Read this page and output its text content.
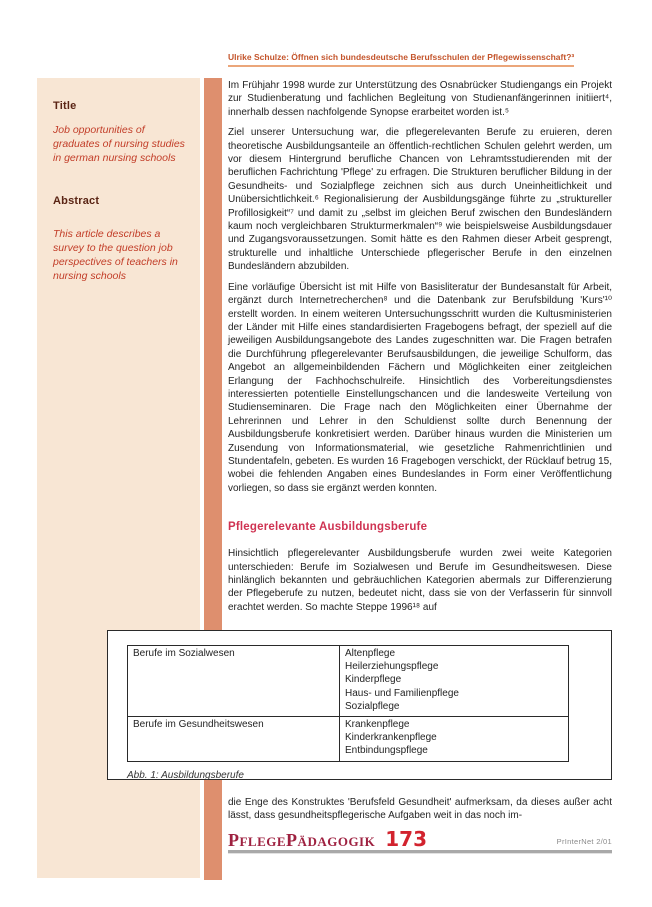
Title

Job opportunities of graduates of nursing studies in german nursing schools

Abstract

This article describes a survey to the question job perspectives of teachers in nursing schools

Ulrike Schulze: Öffnen sich bundesdeutsche Berufsschulen der Pflegewissenschaft?³

Im Frühjahr 1998 wurde zur Unterstützung des Osnabrücker Studiengangs ein Projekt zur Studienberatung und fachlichen Begleitung von Studienanfängerinnen initiiert⁴, innerhalb dessen nachfolgende Synopse erarbeitet worden ist.⁵

Ziel unserer Untersuchung war, die pflegerelevanten Berufe zu eruieren, deren theoretische Ausbildungsanteile an öffentlich-rechtlichen Schulen gelehrt werden, um vor diesem Hintergrund berufliche Chancen von Lehramtsstudierenden mit der beruflichen Fachrichtung 'Pflege' zu erfragen. Die Strukturen beruflicher Bildung in der Gesundheits- und Sozialpflege zeichnen sich aus durch Uneinheitlichkeit und Unübersichtlichkeit.⁶ Regionalisierung der Ausbildungsgänge führte zu „struktureller Profillosigkeit“⁷ und damit zu „selbst im gleichen Beruf zwischen den Bundesländern kaum noch vergleichbaren Strukturmerkmalen“⁹ wie beispielsweise Ausbildungsdauer und Zugangsvoraussetzungen. Somit hätte es den Rahmen dieser Arbeit gesprengt, strukturelle und inhaltliche Unterschiede pflegerischer Berufe in den einzelnen Bundesländern abzubilden.

Eine vorläufige Übersicht ist mit Hilfe von Basisliteratur der Bundesanstalt für Arbeit, ergänzt durch Internetrecherchen⁸ und die Datenbank zur Berufsbildung 'Kurs'¹⁰ erstellt worden. In einem weiteren Untersuchungsschritt wurden die Kultusministerien der Länder mit Hilfe eines standardisierten Fragebogens befragt, der speziell auf die jeweiligen Ausbildungsangebote des Landes zugeschnitten war. Die Fragen betrafen die Durchführung pflegerelevanter Berufsausbildungen, die jeweilige Schulform, das Angebot an allgemeinbildenden Fächern und Möglichkeiten einer zeitgleichen Erlangung der Fachhochschulreife. Hinsichtlich des Vorbereitungsdienstes interessierten potentielle Einstellungschancen und die landesweite Verteilung von Studienseminaren. Die Frage nach den Möglichkeiten einer Übernahme der Lehrerinnen und Lehrer in den Schuldienst sollte durch Benennung der Ausbildungsberufe konkretisiert werden. Darüber hinaus wurden die Ministerien um Zusendung von Informationsmaterial, wie gesetzliche Rahmenrichtlinien und Stundentafeln, gebeten. Es wurden 16 Fragebogen verschickt, der Rücklauf betrug 15, wobei die fehlenden Angaben eines Bundeslandes in Form einer Veröffentlichung vorliegen, so dass sie ergänzt werden konnten.

Pflegerelevante Ausbildungsberufe

Hinsichtlich pflegerelevanter Ausbildungsberufe wurden zwei weite Kategorien unterschieden: Berufe im Sozialwesen und Berufe im Gesundheitswesen. Diese hinlänglich bekannten und gebräuchlichen Kategorien abermals zur Differenzierung der Pflegeberufe zu nutzen, bedeutet nicht, dass sie von der Verfasserin für sinnvoll erachtet werden. So machte Steppe 1996¹⁸ auf

Berufe im Sozialwesen	Altenpflege
Heilerziehungspflege
Kinderpflege
Haus- und Familienpflege
Sozialpflege
Berufe im Gesundheitswesen	Krankenpflege
Kinderkrankenpflege
Entbindungspflege
Abb. 1: Ausbildungsberufe

die Enge des Konstruktes 'Berufsfeld Gesundheit' aufmerksam, da dieses außer acht lässt, dass gesundheitspflegerische Aufgaben weit in das noch im-

PflegePädagogik 173	PrInterNet 2/01
